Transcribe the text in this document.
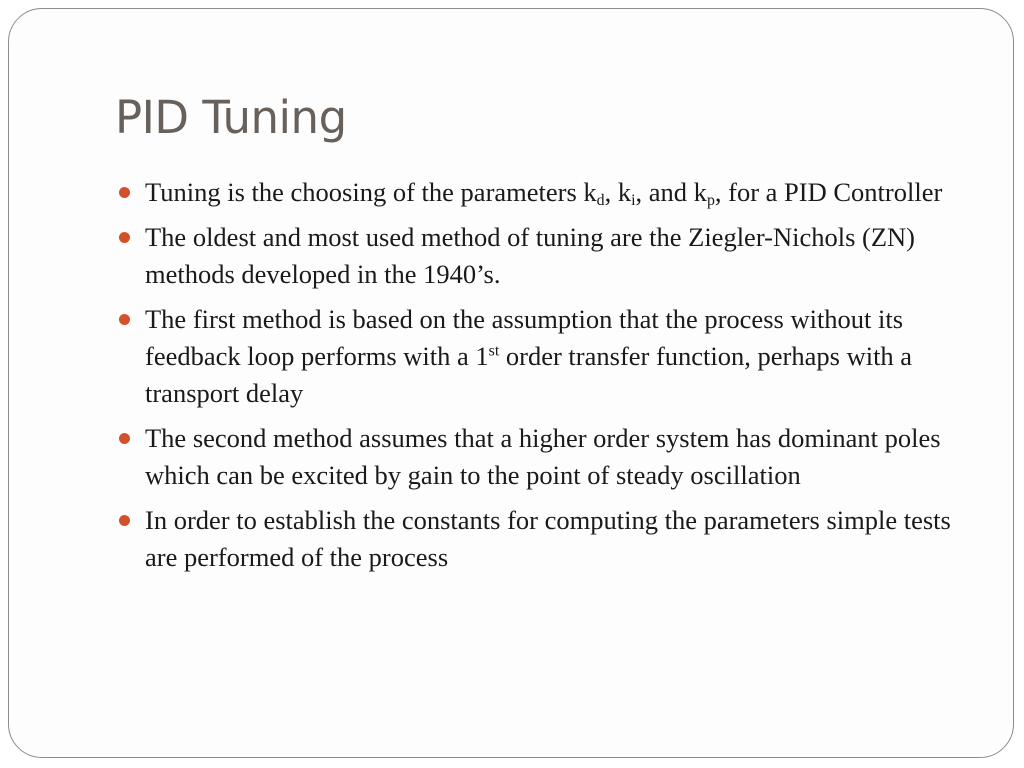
PID Tuning
Tuning is the choosing of the parameters $k_d$, $k_i$, and $k_p$, for a PID Controller
The oldest and most used method of tuning are the Ziegler-Nichols (ZN) methods developed in the 1940’s.
The first method is based on the assumption that the process without its feedback loop performs with a 1st order transfer function, perhaps with a transport delay
The second method assumes that a higher order system has dominant poles which can be excited by gain to the point of steady oscillation
In order to establish the constants for computing the parameters simple tests are performed of the process
